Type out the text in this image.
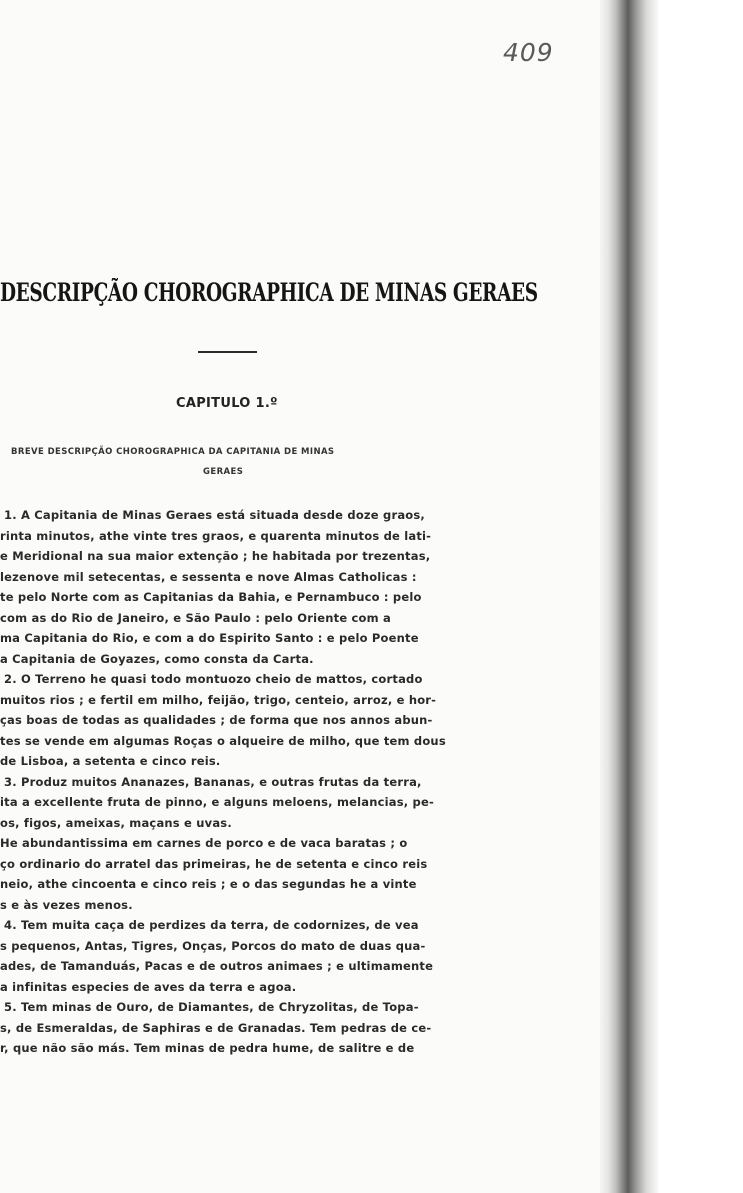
409
DESCRIPÇÃO CHOROGRAPHICA DE MINAS GERAES
CAPITULO 1.º
BREVE DESCRIPÇÃO CHOROGRAPHICA DA CAPITANIA DE MINAS
GERAES
1. A Capitania de Minas Geraes está situada desde doze graos,
rinta minutos, athe vinte tres graos, e quarenta minutos de lati-
e Meridional na sua maior extenção ; he habitada por trezentas,
lezenove mil setecentas, e sessenta e nove Almas Catholicas :
te pelo Norte com as Capitanias da Bahia, e Pernambuco : pelo
com as do Rio de Janeiro, e São Paulo : pelo Oriente com a
ma Capitania do Rio, e com a do Espirito Santo : e pelo Poente
a Capitania de Goyazes, como consta da Carta.
2. O Terreno he quasi todo montuozo cheio de mattos, cortado
muitos rios ; e fertil em milho, feijão, trigo, centeio, arroz, e hor-
ças boas de todas as qualidades ; de forma que nos annos abun-
tes se vende em algumas Roças o alqueire de milho, que tem dous
de Lisboa, a setenta e cinco reis.
3. Produz muitos Ananazes, Bananas, e outras frutas da terra,
ita a excellente fruta de pinno, e alguns meloens, melancias, pe-
os, figos, ameixas, maçans e uvas.
He abundantissima em carnes de porco e de vaca baratas ; o
ço ordinario do arratel das primeiras, he de setenta e cinco reis
neio, athe cincoenta e cinco reis ; e o das segundas he a vinte
s e às vezes menos.
4. Tem muita caça de perdizes da terra, de codornizes, de vea
s pequenos, Antas, Tigres, Onças, Porcos do mato de duas qua-
ades, de Tamanduás, Pacas e de outros animaes ; e ultimamente
a infinitas especies de aves da terra e agoa.
5. Tem minas de Ouro, de Diamantes, de Chryzolitas, de Topa-
s, de Esmeraldas, de Saphiras e de Granadas. Tem pedras de ce-
r, que não são más. Tem minas de pedra hume, de salitre e de
